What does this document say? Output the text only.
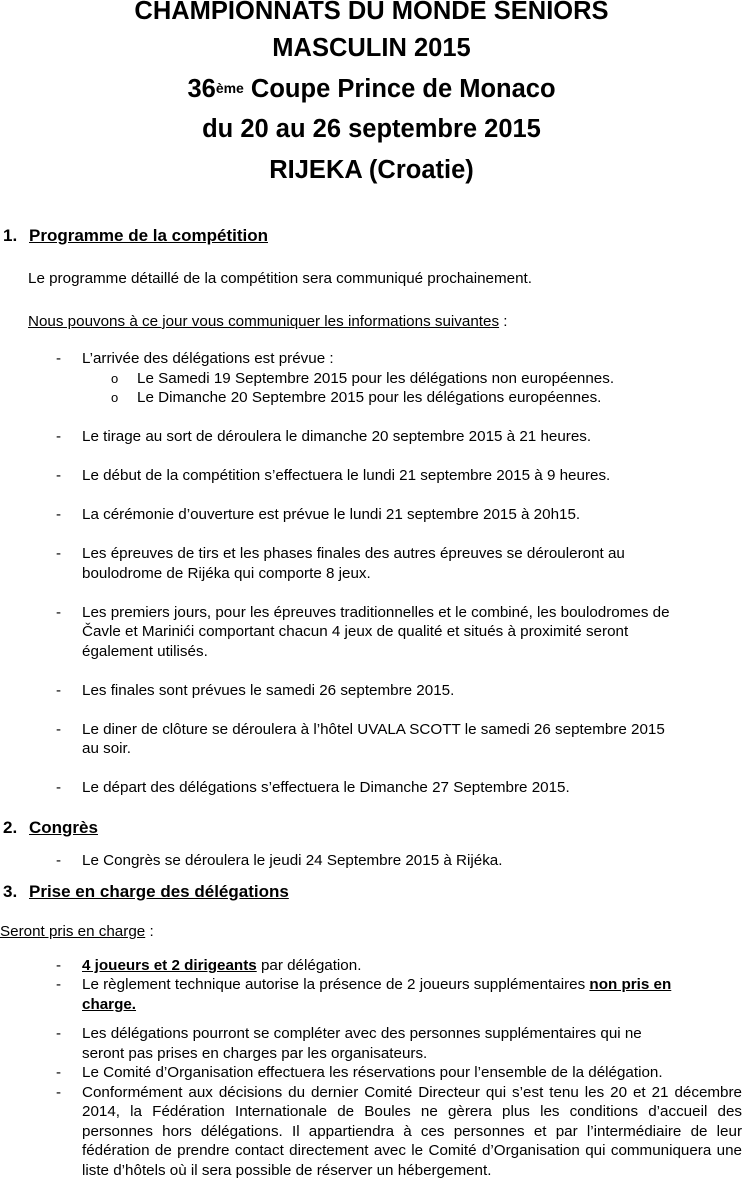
CHAMPIONNATS DU MONDE SENIORS
MASCULIN 2015
36ème Coupe Prince de Monaco
du 20 au 26 septembre 2015
RIJEKA (Croatie)
1. Programme de la compétition
Le programme détaillé de la compétition sera communiqué prochainement.
Nous pouvons à ce jour vous communiquer les informations suivantes :
- L’arrivée des délégations est prévue :
o Le Samedi 19 Septembre 2015 pour les délégations non européennes.
o Le Dimanche 20 Septembre 2015 pour les délégations européennes.
- Le tirage au sort de déroulera le dimanche 20 septembre 2015 à 21 heures.
- Le début de la compétition s’effectuera le lundi 21 septembre 2015 à 9 heures.
- La cérémonie d’ouverture est prévue le lundi 21 septembre 2015 à 20h15.
- Les épreuves de tirs et les phases finales des autres épreuves se dérouleront au
boulodrome de Rijéka qui comporte 8 jeux.
- Les premiers jours, pour les épreuves traditionnelles et le combiné, les boulodromes de
Čavle et Marinići comportant chacun 4 jeux de qualité et situés à proximité seront
également utilisés.
- Les finales sont prévues le samedi 26 septembre 2015.
- Le diner de clôture se déroulera à l’hôtel UVALA SCOTT le samedi 26 septembre 2015
au soir.
- Le départ des délégations s’effectuera le Dimanche 27 Septembre 2015.
2. Congrès
- Le Congrès se déroulera le jeudi 24 Septembre 2015 à Rijéka.
3. Prise en charge des délégations
Seront pris en charge :
- 4 joueurs et 2 dirigeants par délégation.
- Le règlement technique autorise la présence de 2 joueurs supplémentaires non pris en
charge.
- Les délégations pourront se compléter avec des personnes supplémentaires qui ne
seront pas prises en charges par les organisateurs.
- Le Comité d’Organisation effectuera les réservations pour l’ensemble de la délégation.
- Conformément aux décisions du dernier Comité Directeur qui s’est tenu les 20 et 21 décembre 2014, la Fédération Internationale de Boules ne gèrera plus les conditions d’accueil des personnes hors délégations. Il appartiendra à ces personnes et par l’intermédiaire de leur fédération de prendre contact directement avec le Comité d’Organisation qui communiquera une liste d’hôtels où il sera possible de réserver un hébergement.
